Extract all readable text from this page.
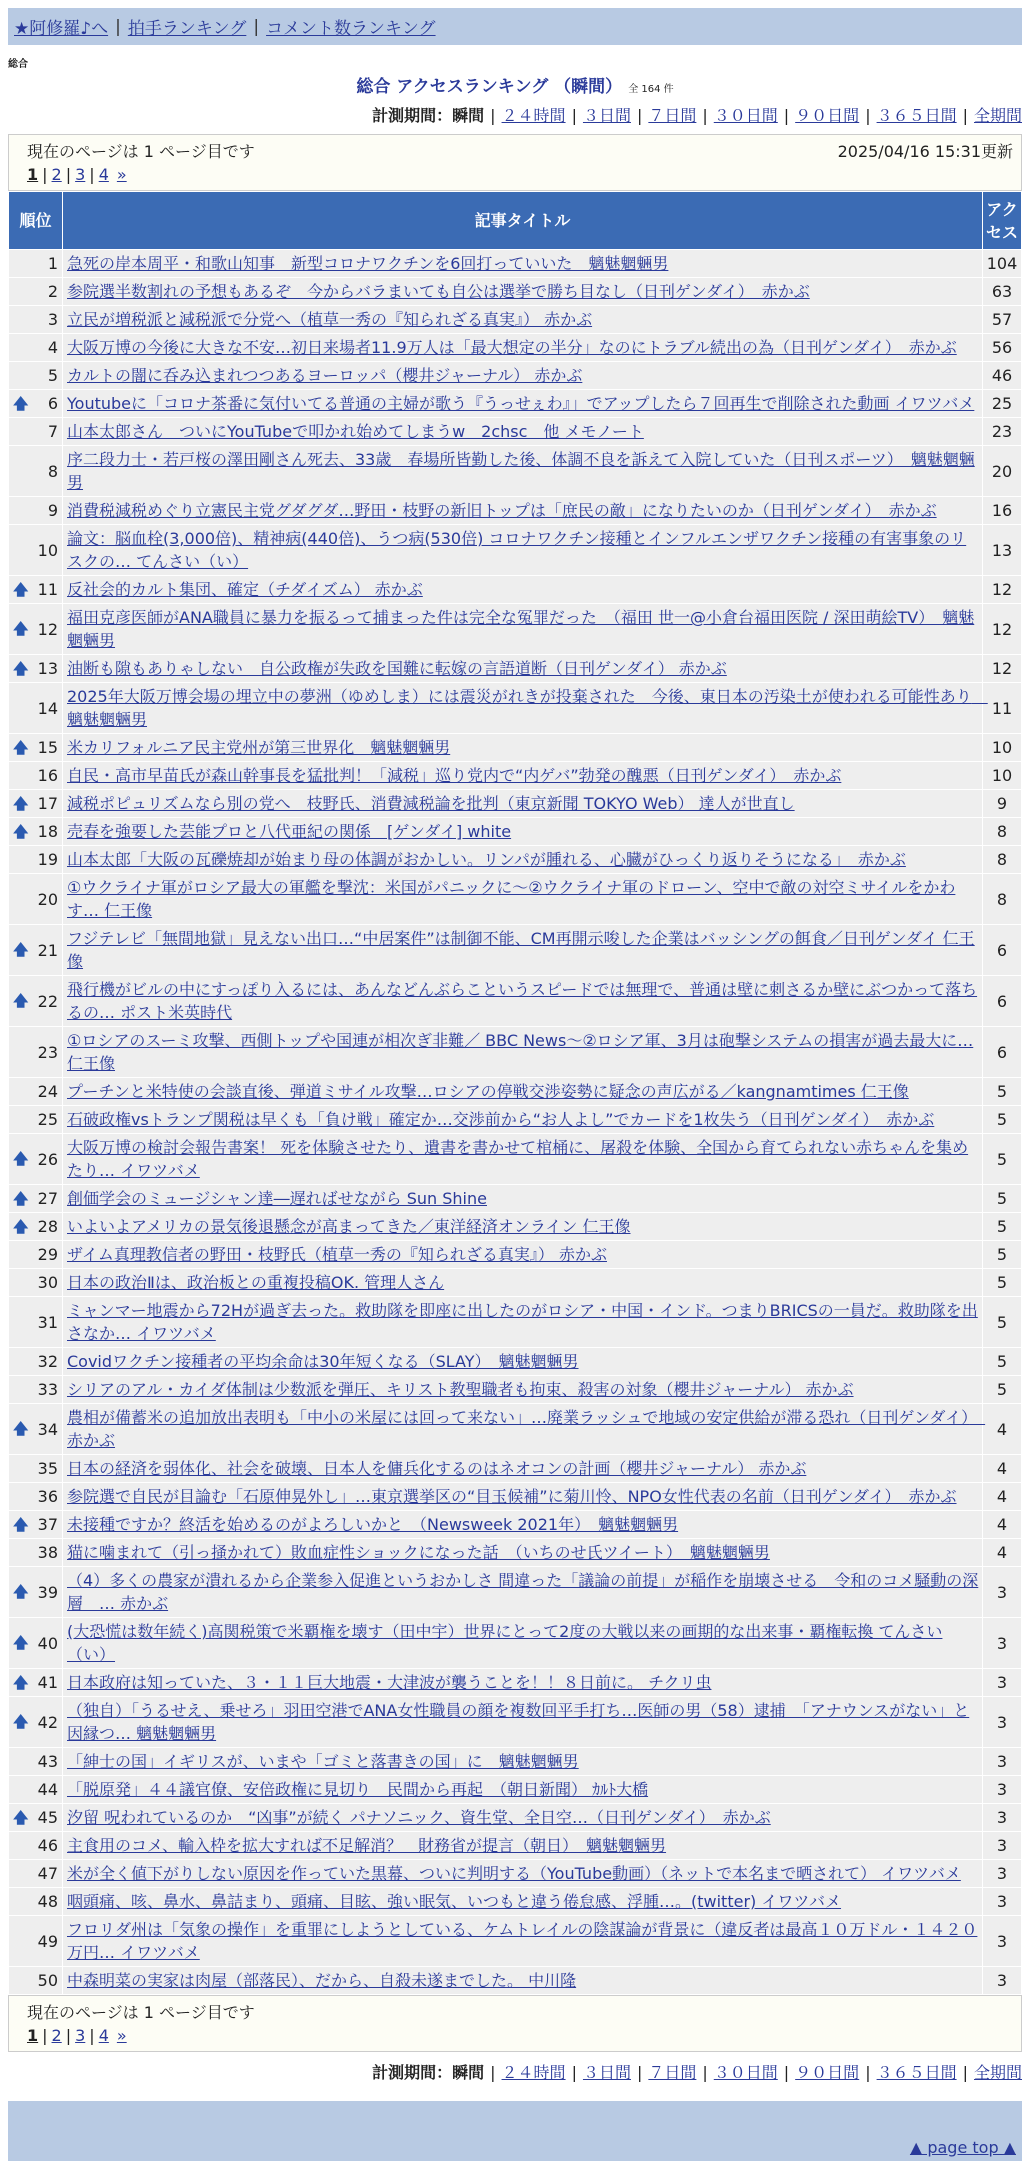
★阿修羅♪へ | 拍手ランキング | コメント数ランキング
総合
総合 アクセスランキング （瞬間） 全 164 件
計測期間：瞬間 | ２４時間 | ３日間 | ７日間 | ３０日間 | ９０日間 | ３６５日間 | 全期間
現在のページは 1 ページ目です	2025/04/16 15:31更新
1 | 2 | 3 | 4 »
順位	記事タイトル	アクセス
1	急死の岸本周平・和歌山知事　新型コロナワクチンを6回打っていいた　魑魅魍魎男	104
2	参院選半数割れの予想もあるぞ　今からバラまいても自公は選挙で勝ち目なし（日刊ゲンダイ）　赤かぶ	63
3	立民が増税派と減税派で分党へ（植草一秀の『知られざる真実』） 赤かぶ	57
4	大阪万博の今後に大きな不安…初日来場者11.9万人は「最大想定の半分」なのにトラブル続出の為（日刊ゲンダイ）　赤かぶ	56
5	カルトの闇に呑み込まれつつあるヨーロッパ（櫻井ジャーナル） 赤かぶ	46

🡅 6	Youtubeに「コロナ茶番に気付いてる普通の主婦が歌う『うっせぇわ』」でアップしたら７回再生で削除された動画 イワツバメ	25
7	山本太郎さん　ついにYouTubeで叩かれ始めてしまうw　2chsc　他 メモノート	23
8	序二段力士・若戸桜の澤田剛さん死去、33歳　春場所皆勤した後、体調不良を訴えて入院していた（日刊スポーツ）　魑魅魍魎男	20
9	消費税減税めぐり立憲民主党グダグダ…野田・枝野の新旧トップは「庶民の敵」になりたいのか（日刊ゲンダイ）　赤かぶ	16
10	論文：脳血栓(3,000倍)、精神病(440倍)、うつ病(530倍) コロナワクチン接種とインフルエンザワクチン接種の有害事象のリスクの… てんさい（い）	13

🡅 11	反社会的カルト集団、確定（チダイズム） 赤かぶ	12

🡅 12	福田克彦医師がANA職員に暴力を振るって捕まった件は完全な冤罪だった　（福田 世一@小倉台福田医院 / 深田萌絵TV）　魑魅魍魎男	12

🡅 13	油断も隙もありゃしない　自公政権が失政を国難に転嫁の言語道断（日刊ゲンダイ） 赤かぶ	12
14	2025年大阪万博会場の埋立中の夢洲（ゆめしま）には震災がれきが投棄された　今後、東日本の汚染土が使われる可能性あり　魑魅魍魎男	11

🡅 15	米カリフォルニア民主党州が第三世界化　魑魅魍魎男	10
16	自民・高市早苗氏が森山幹事長を猛批判！「減税」巡り党内で“内ゲバ”勃発の醜悪（日刊ゲンダイ）　赤かぶ	10

🡅 17	減税ポピュリズムなら別の党へ　枝野氏、消費減税論を批判（東京新聞 TOKYO Web） 達人が世直し	9

🡅 18	売春を強要した芸能プロと八代亜紀の関係　[ゲンダイ] white	8
19	山本太郎「大阪の瓦礫焼却が始まり母の体調がおかしい。リンパが腫れる、心臓がひっくり返りそうになる」　赤かぶ	8
20	①ウクライナ軍がロシア最大の軍艦を撃沈：米国がパニックに～②ウクライナ軍のドローン、空中で敵の対空ミサイルをかわす… 仁王像	8

🡅 21	フジテレビ「無間地獄」見えない出口…“中居案件”は制御不能、CM再開示唆した企業はバッシングの餌食／日刊ゲンダイ 仁王像	6

🡅 22	飛行機がビルの中にすっぽり入るには、あんなどんぶらこというスピードでは無理で、普通は壁に刺さるか壁にぶつかって落ちるの… ポスト米英時代	6
23	①ロシアのスーミ攻撃、西側トップや国連が相次ぎ非難／ BBC News～②ロシア軍、3月は砲撃システムの損害が過去最大に… 仁王像	6
24	プーチンと米特使の会談直後、弾道ミサイル攻撃…ロシアの停戦交渉姿勢に疑念の声広がる／kangnamtimes 仁王像	5
25	石破政権vsトランプ関税は早くも「負け戦」確定か…交渉前から“お人よし”でカードを1枚失う（日刊ゲンダイ）　赤かぶ	5

🡅 26	大阪万博の検討会報告書案！ 死を体験させたり、遺書を書かせて棺桶に、屠殺を体験、全国から育てられない赤ちゃんを集めたり… イワツバメ	5

🡅 27	創価学会のミュージシャン達―遅ればせながら Sun Shine	5

🡅 28	いよいよアメリカの景気後退懸念が高まってきた／東洋経済オンライン 仁王像	5
29	ザイム真理教信者の野田・枝野氏（植草一秀の『知られざる真実』） 赤かぶ	5
30	日本の政治Ⅱは、政治板との重複投稿OK. 管理人さん	5
31	ミャンマー地震から72Hが過ぎ去った。救助隊を即座に出したのがロシア・中国・インド。つまりBRICSの一員だ。救助隊を出さなか… イワツバメ	5
32	Covidワクチン接種者の平均余命は30年短くなる（SLAY）　魑魅魍魎男	5
33	シリアのアル・カイダ体制は少数派を弾圧、キリスト教聖職者も拘束、殺害の対象（櫻井ジャーナル） 赤かぶ	5

🡅 34	農相が備蓄米の追加放出表明も「中小の米屋には回って来ない」…廃業ラッシュで地域の安定供給が滞る恐れ（日刊ゲンダイ）　赤かぶ	4
35	日本の経済を弱体化、社会を破壊、日本人を傭兵化するのはネオコンの計画（櫻井ジャーナル） 赤かぶ	4
36	参院選で自民が目論む「石原伸晃外し」…東京選挙区の“目玉候補”に菊川怜、NPO女性代表の名前（日刊ゲンダイ）　赤かぶ	4

🡅 37	未接種ですか？終活を始めるのがよろしいかと　（Newsweek 2021年）　魑魅魍魎男	4
38	猫に噛まれて（引っ掻かれて）敗血症性ショックになった話　（いちのせ氏ツイート）　魑魅魍魎男	4

🡅 39	（4）多くの農家が潰れるから企業参入促進というおかしさ 間違った「議論の前提」が稲作を崩壊させる　令和のコメ騒動の深層　… 赤かぶ	3

🡅 40	(大恐慌は数年続く)高関税策で米覇権を壊す（田中宇）世界にとって2度の大戦以来の画期的な出来事・覇権転換 てんさい（い）	3

🡅 41	日本政府は知っていた、３・１１巨大地震・大津波が襲うことを！！８日前に。 チクリ虫	3

🡅 42	（独自）「うるせえ、乗せろ」羽田空港でANA女性職員の顔を複数回平手打ち…医師の男（58）逮捕　「アナウンスがない」と因縁つ… 魑魅魍魎男	3
43	「紳士の国」イギリスが、いまや「ゴミと落書きの国」に　魑魅魍魎男	3
44	「脱原発」４４議官僚、安倍政権に見切り　民間から再起　（朝日新聞） ｶﾙﾄ大橋	3

🡅 45	汐留 呪われているのか　“凶事”が続く パナソニック、資生堂、全日空…（日刊ゲンダイ）　赤かぶ	3
46	主食用のコメ、輸入枠を拡大すれば不足解消？　財務省が提言（朝日）　魑魅魍魎男	3
47	米が全く値下がりしない原因を作っていた黒幕、ついに判明する（YouTube動画）（ネットで本名まで晒されて） イワツバメ	3
48	咽頭痛、咳、鼻水、鼻詰まり、頭痛、目眩、強い眠気、いつもと違う倦怠感、浮腫…。(twitter) イワツバメ	3
49	フロリダ州は「気象の操作」を重罪にしようとしている、ケムトレイルの陰謀論が背景に（違反者は最高１０万ドル・１４２０万円… イワツバメ	3
50	中森明菜の実家は肉屋（部落民）、だから、自殺未遂までした。 中川隆	3
現在のページは 1 ページ目です
1 | 2 | 3 | 4 »
計測期間：瞬間 | ２４時間 | ３日間 | ７日間 | ３０日間 | ９０日間 | ３６５日間 | 全期間
▲ page top ▲
